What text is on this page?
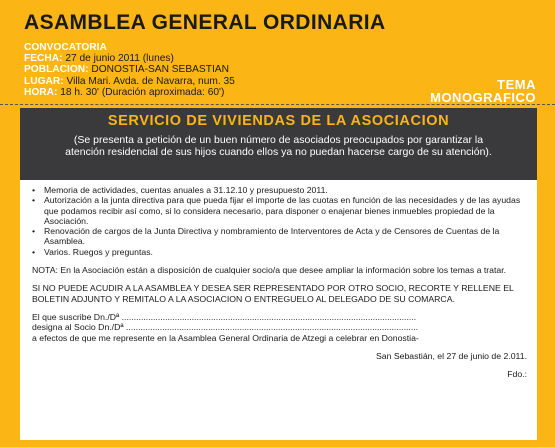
ASAMBLEA GENERAL ORDINARIA
CONVOCATORIA
FECHA: 27 de junio 2011 (lunes)
POBLACION: DONOSTIA-SAN SEBASTIAN
LUGAR: Villa Mari. Avda. de Navarra, num. 35
HORA: 18 h. 30' (Duración aproximada: 60')
TEMA
MONOGRAFICO
SERVICIO DE VIVIENDAS DE LA ASOCIACION
(Se presenta a petición de un buen número de asociados preocupados por garantizar la atención residencial de sus hijos cuando ellos ya no puedan hacerse cargo de su atención).
• Memoria de actividades, cuentas anuales a 31.12.10 y presupuesto 2011.
• Autorización a la junta directiva para que pueda fijar el importe de las cuotas en función de las necesidades y de las ayudas que podamos recibir así como, si lo considera necesario, para disponer o enajenar bienes inmuebles propiedad de la Asociación.
• Renovación de cargos de la Junta Directiva y nombramiento de Interventores de Acta y de Censores de Cuentas de la Asamblea.
• Varios. Ruegos y preguntas.
NOTA: En la Asociación están a disposición de cualquier socio/a que desee ampliar la información sobre los temas a tratar.
SI NO PUEDE ACUDIR A LA ASAMBLEA Y DESEA SER REPRESENTADO POR OTRO SOCIO, RECORTE Y RELLENE EL BOLETIN ADJUNTO Y REMITALO A LA ASOCIACION O ENTREGUELO AL DELEGADO DE SU COMARCA.
El que suscribe Dn./Dª ..........................................................................................................................
designa al Socio Dn./Dª .........................................................................................................................
a efectos de que me represente en la Asamblea General Ordinaria de Atzegi a celebrar en Donostia-
San Sebastián, el 27 de junio de 2.011.
Fdo.:
